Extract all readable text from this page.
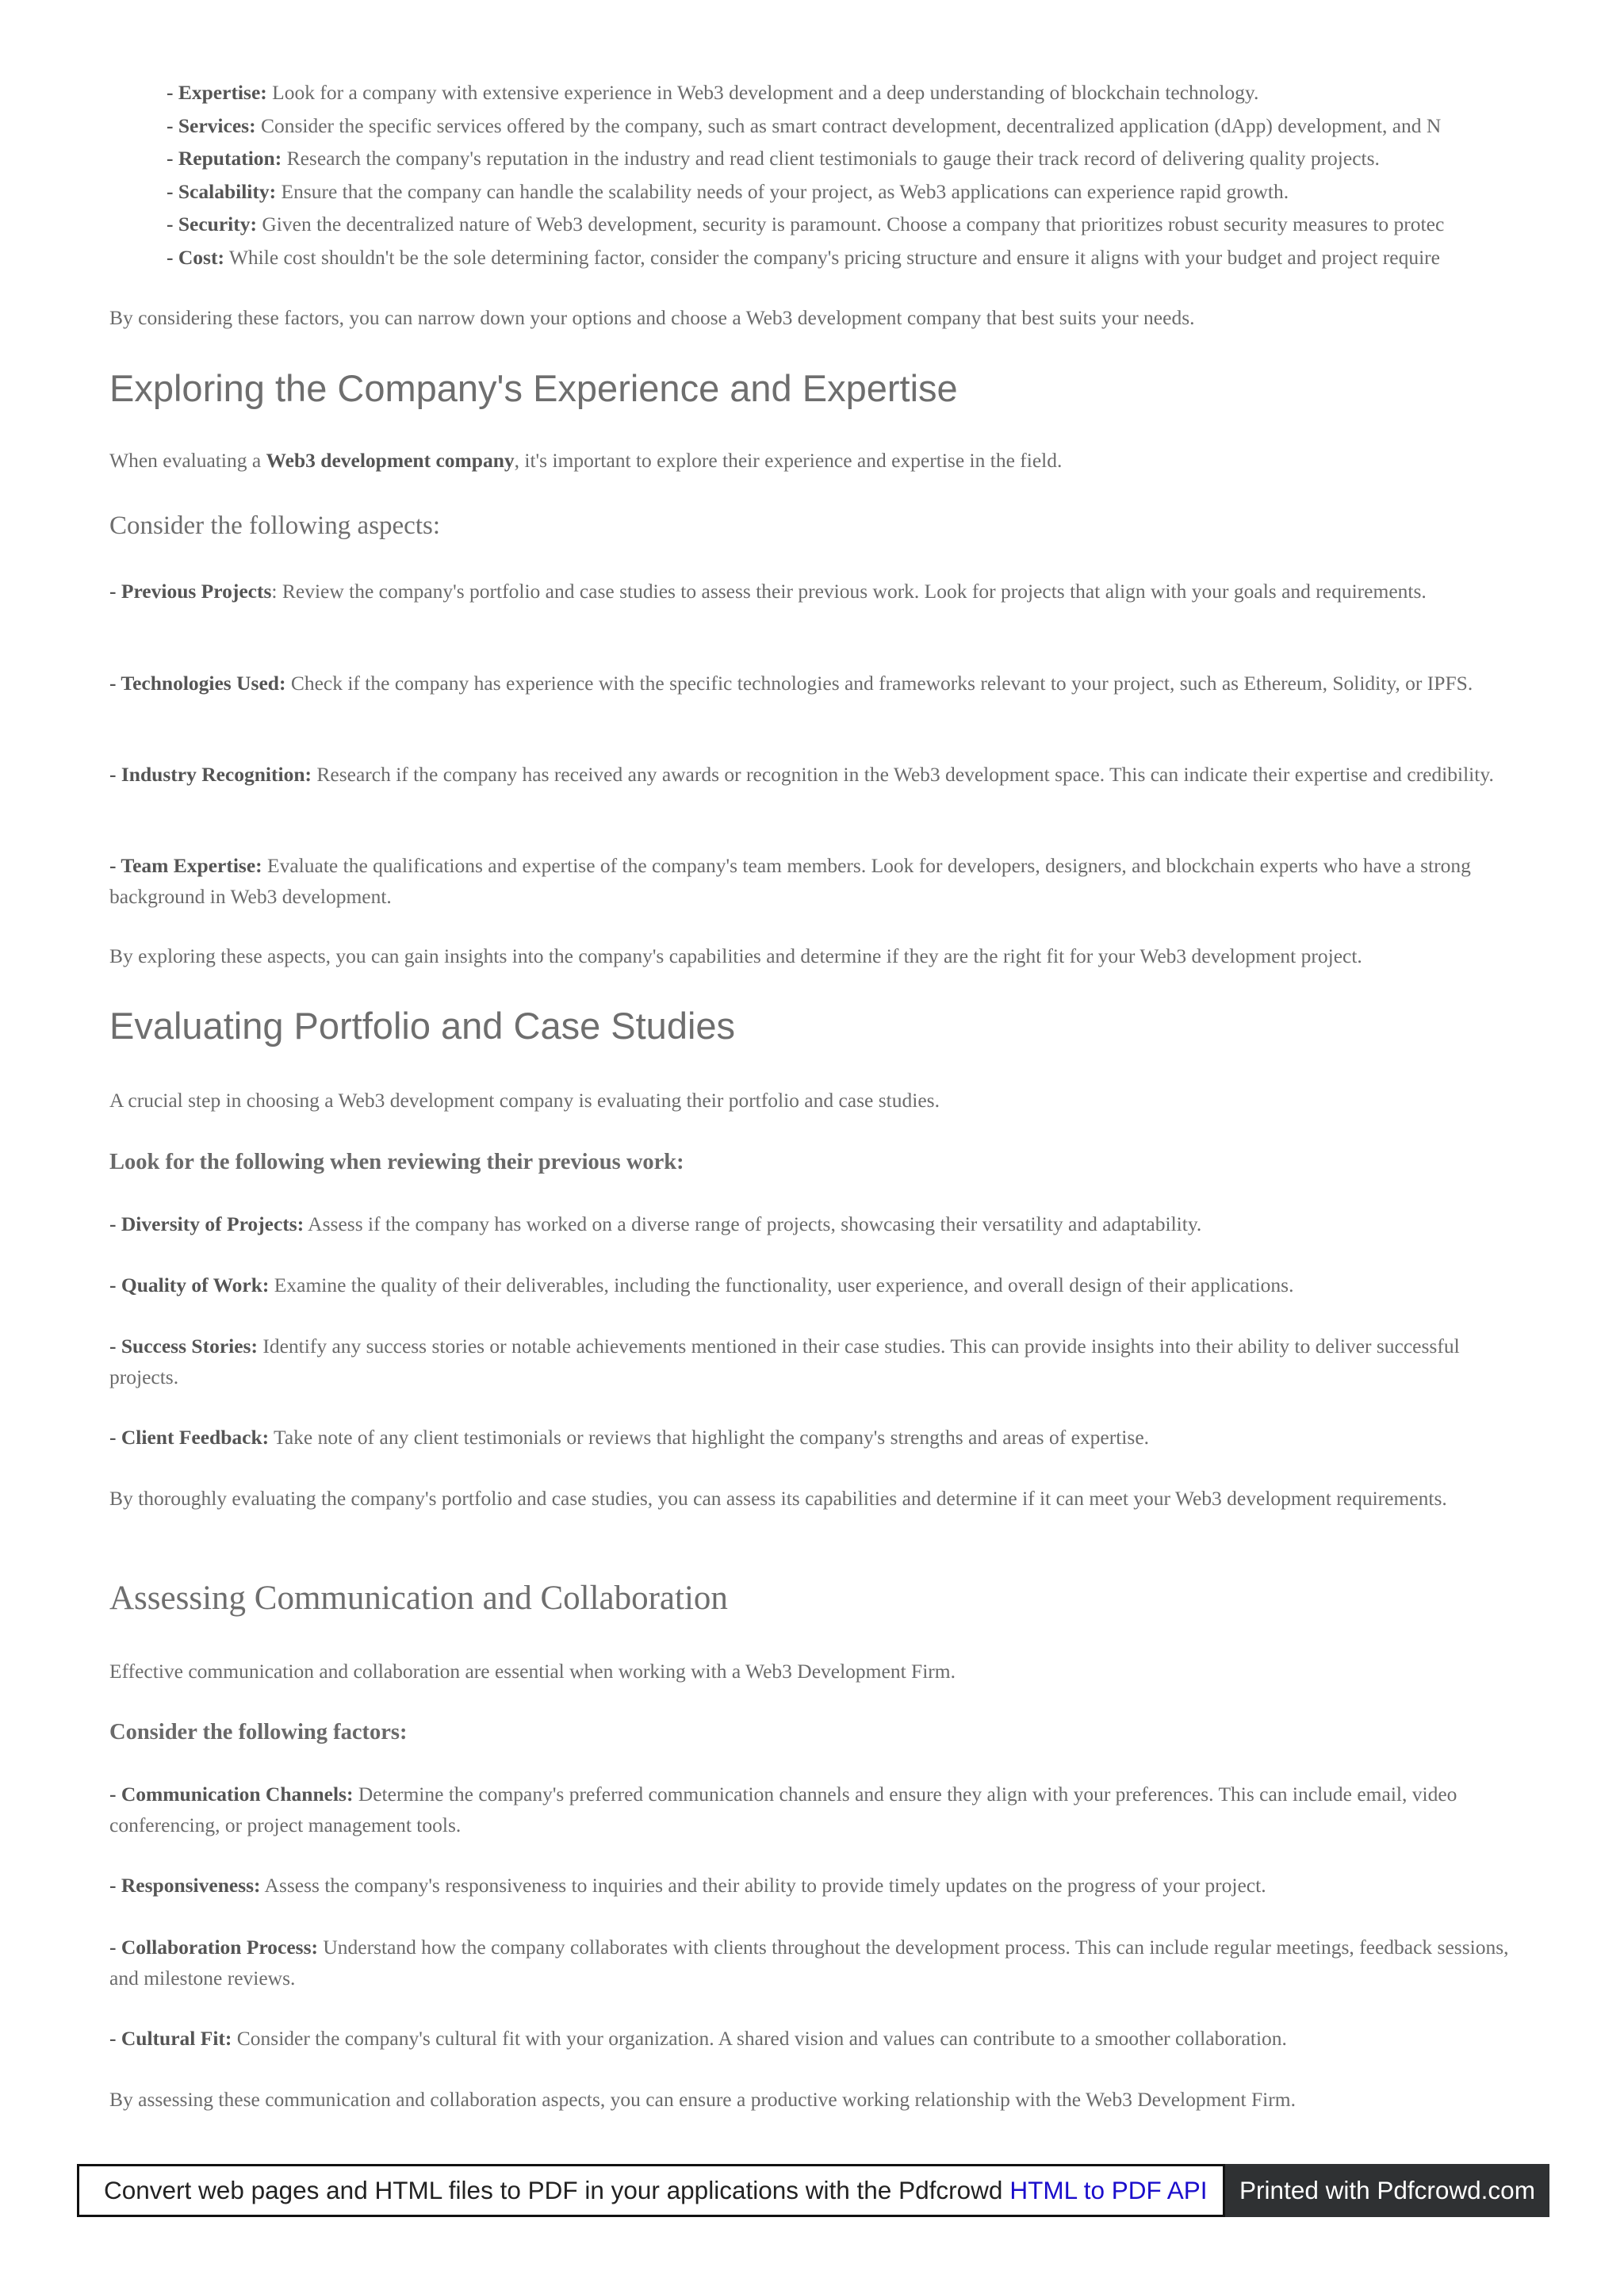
- Expertise: Look for a company with extensive experience in Web3 development and a deep understanding of blockchain technology.
- Services: Consider the specific services offered by the company, such as smart contract development, decentralized application (dApp) development, and N
- Reputation: Research the company's reputation in the industry and read client testimonials to gauge their track record of delivering quality projects.
- Scalability: Ensure that the company can handle the scalability needs of your project, as Web3 applications can experience rapid growth.
- Security: Given the decentralized nature of Web3 development, security is paramount. Choose a company that prioritizes robust security measures to protec
- Cost: While cost shouldn't be the sole determining factor, consider the company's pricing structure and ensure it aligns with your budget and project require

By considering these factors, you can narrow down your options and choose a Web3 development company that best suits your needs.

Exploring the Company's Experience and Expertise

When evaluating a Web3 development company, it's important to explore their experience and expertise in the field.

Consider the following aspects:

- Previous Projects: Review the company's portfolio and case studies to assess their previous work. Look for projects that align with your goals and requirements.

- Technologies Used: Check if the company has experience with the specific technologies and frameworks relevant to your project, such as Ethereum, Solidity, or IPFS.

- Industry Recognition: Research if the company has received any awards or recognition in the Web3 development space. This can indicate their expertise and credibility.

- Team Expertise: Evaluate the qualifications and expertise of the company's team members. Look for developers, designers, and blockchain experts who have a strong background in Web3 development.

By exploring these aspects, you can gain insights into the company's capabilities and determine if they are the right fit for your Web3 development project.

Evaluating Portfolio and Case Studies

A crucial step in choosing a Web3 development company is evaluating their portfolio and case studies.

Look for the following when reviewing their previous work:

- Diversity of Projects: Assess if the company has worked on a diverse range of projects, showcasing their versatility and adaptability.

- Quality of Work: Examine the quality of their deliverables, including the functionality, user experience, and overall design of their applications.

- Success Stories: Identify any success stories or notable achievements mentioned in their case studies. This can provide insights into their ability to deliver successful projects.

- Client Feedback: Take note of any client testimonials or reviews that highlight the company's strengths and areas of expertise.

By thoroughly evaluating the company's portfolio and case studies, you can assess its capabilities and determine if it can meet your Web3 development requirements.

Assessing Communication and Collaboration

Effective communication and collaboration are essential when working with a Web3 Development Firm.

Consider the following factors:

- Communication Channels: Determine the company's preferred communication channels and ensure they align with your preferences. This can include email, video conferencing, or project management tools.

- Responsiveness: Assess the company's responsiveness to inquiries and their ability to provide timely updates on the progress of your project.

- Collaboration Process: Understand how the company collaborates with clients throughout the development process. This can include regular meetings, feedback sessions, and milestone reviews.

- Cultural Fit: Consider the company's cultural fit with your organization. A shared vision and values can contribute to a smoother collaboration.

By assessing these communication and collaboration aspects, you can ensure a productive working relationship with the Web3 Development Firm.

Convert web pages and HTML files to PDF in your applications with the Pdfcrowd HTML to PDF API	Printed with Pdfcrowd.com
